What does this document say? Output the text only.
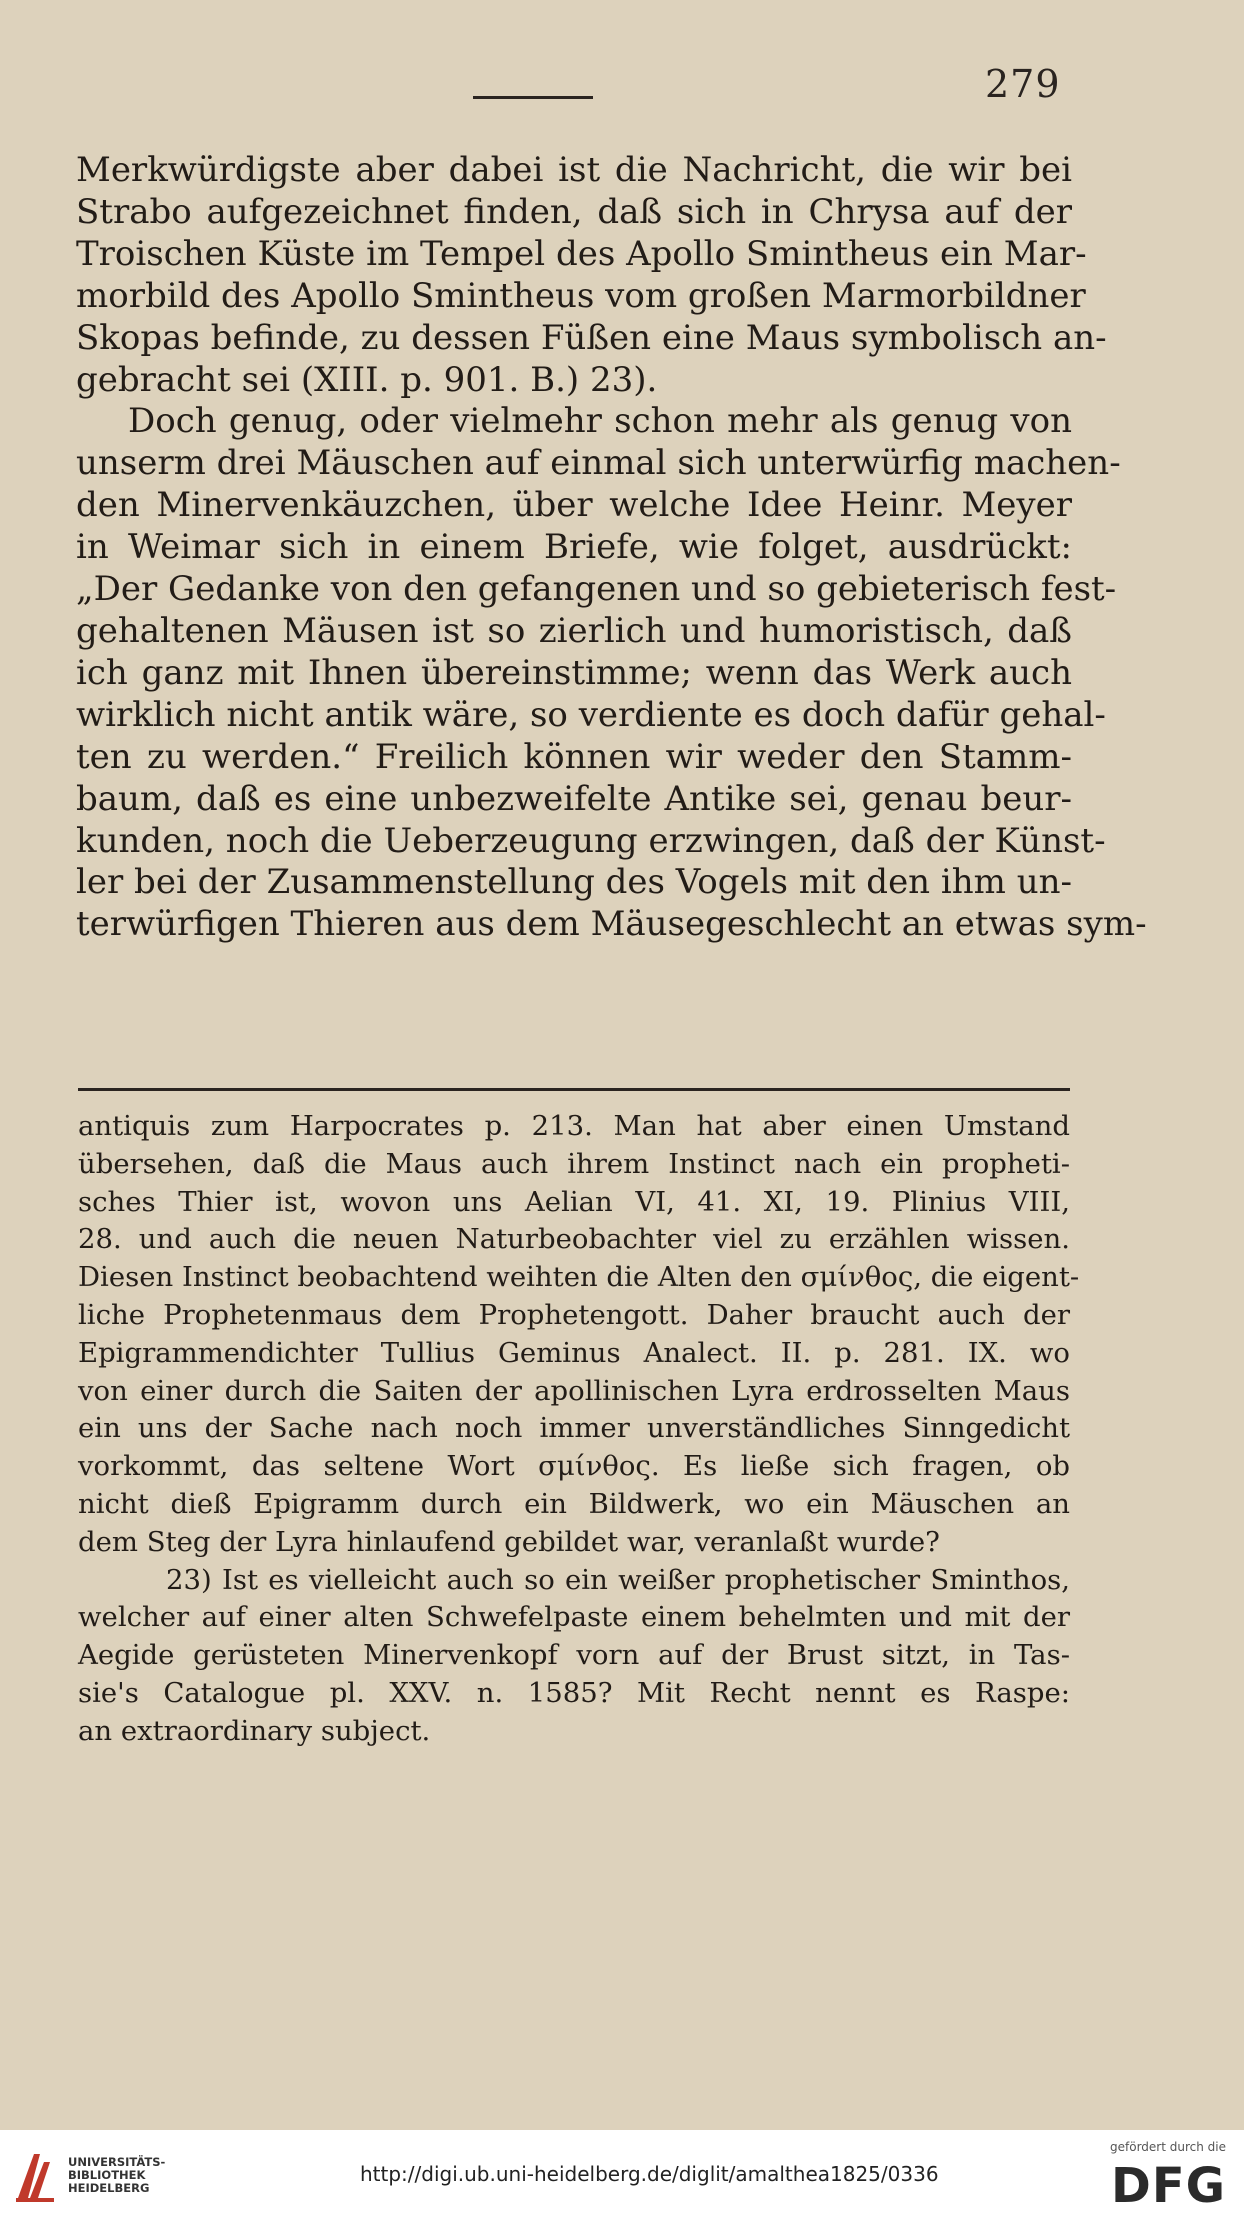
279
Merkwürdigste aber dabei ist die Nachricht, die wir bei
Strabo aufgezeichnet finden, daß sich in Chrysa auf der
Troischen Küste im Tempel des Apollo Smintheus ein Mar-
morbild des Apollo Smintheus vom großen Marmorbildner
Skopas befinde, zu dessen Füßen eine Maus symbolisch an-
gebracht sei (XIII. p. 901. B.) 23).
Doch genug, oder vielmehr schon mehr als genug von
unserm drei Mäuschen auf einmal sich unterwürfig machen-
den Minervenkäuzchen, über welche Idee Heinr. Meyer
in Weimar sich in einem Briefe, wie folget, ausdrückt:
„Der Gedanke von den gefangenen und so gebieterisch fest-
gehaltenen Mäusen ist so zierlich und humoristisch, daß
ich ganz mit Ihnen übereinstimme; wenn das Werk auch
wirklich nicht antik wäre, so verdiente es doch dafür gehal-
ten zu werden.“ Freilich können wir weder den Stamm-
baum, daß es eine unbezweifelte Antike sei, genau beur-
kunden, noch die Ueberzeugung erzwingen, daß der Künst-
ler bei der Zusammenstellung des Vogels mit den ihm un-
terwürfigen Thieren aus dem Mäusegeschlecht an etwas sym-
antiquis zum Harpocrates p. 213. Man hat aber einen Umstand
übersehen, daß die Maus auch ihrem Instinct nach ein propheti-
sches Thier ist, wovon uns Aelian VI, 41. XI, 19. Plinius VIII,
28. und auch die neuen Naturbeobachter viel zu erzählen wissen.
Diesen Instinct beobachtend weihten die Alten den σμίνθος, die eigent-
liche Prophetenmaus dem Prophetengott. Daher braucht auch der
Epigrammendichter Tullius Geminus Analect. II. p. 281. IX. wo
von einer durch die Saiten der apollinischen Lyra erdrosselten Maus
ein uns der Sache nach noch immer unverständliches Sinngedicht
vorkommt, das seltene Wort σμίνθος. Es ließe sich fragen, ob
nicht dieß Epigramm durch ein Bildwerk, wo ein Mäuschen an
dem Steg der Lyra hinlaufend gebildet war, veranlaßt wurde?
23) Ist es vielleicht auch so ein weißer prophetischer Sminthos,
welcher auf einer alten Schwefelpaste einem behelmten und mit der
Aegide gerüsteten Minervenkopf vorn auf der Brust sitzt, in Tas-
sie's Catalogue pl. XXV. n. 1585? Mit Recht nennt es Raspe:
an extraordinary subject.
UNIVERSITÄTS-
BIBLIOTHEK
HEIDELBERG
http://digi.ub.uni-heidelberg.de/diglit/amalthea1825/0336
gefördert durch die
DFG
